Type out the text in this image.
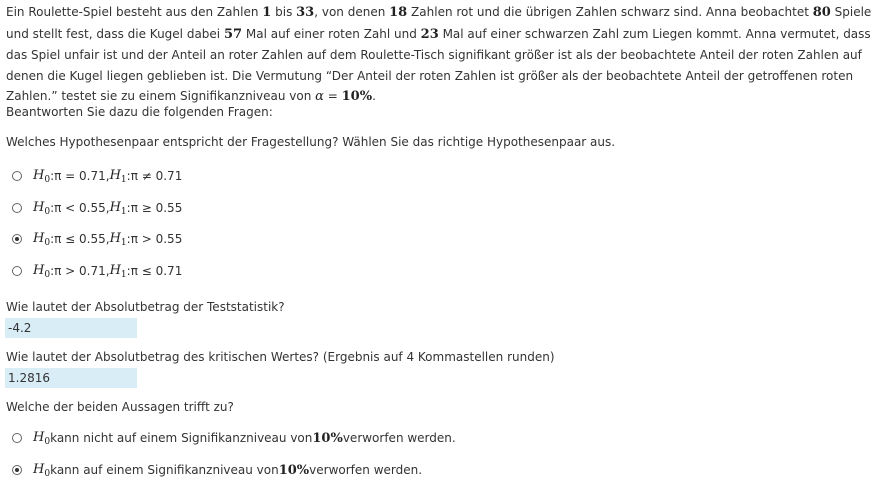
Ein Roulette-Spiel besteht aus den Zahlen 1 bis 33, von denen 18 Zahlen rot und die übrigen Zahlen schwarz sind. Anna beobachtet 80 Spiele und stellt fest, dass die Kugel dabei 57 Mal auf einer roten Zahl und 23 Mal auf einer schwarzen Zahl zum Liegen kommt. Anna vermutet, dass das Spiel unfair ist und der Anteil an roter Zahlen auf dem Roulette-Tisch signifikant größer ist als der beobachtete Anteil der roten Zahlen auf denen die Kugel liegen geblieben ist. Die Vermutung “Der Anteil der roten Zahlen ist größer als der beobachtete Anteil der getroffenen roten Zahlen.” testet sie zu einem Signifikanzniveau von α = 10%.
Beantworten Sie dazu die folgenden Fragen:
Welches Hypothesenpaar entspricht der Fragestellung? Wählen Sie das richtige Hypothesenpaar aus.
$H_0$ : π = 0.71, $H_1$ : π ≠ 0.71
$H_0$ : π < 0.55, $H_1$ : π ≥ 0.55
$H_0$ : π ≤ 0.55, $H_1$ : π > 0.55
$H_0$ : π > 0.71, $H_1$ : π ≤ 0.71
Wie lautet der Absolutbetrag der Teststatistik?
-4.2
Wie lautet der Absolutbetrag des kritischen Wertes? (Ergebnis auf 4 Kommastellen runden)
1.2816
Welche der beiden Aussagen trifft zu?
$H_0$ kann nicht auf einem Signifikanzniveau von 10% verworfen werden.
$H_0$ kann auf einem Signifikanzniveau von 10% verworfen werden.
